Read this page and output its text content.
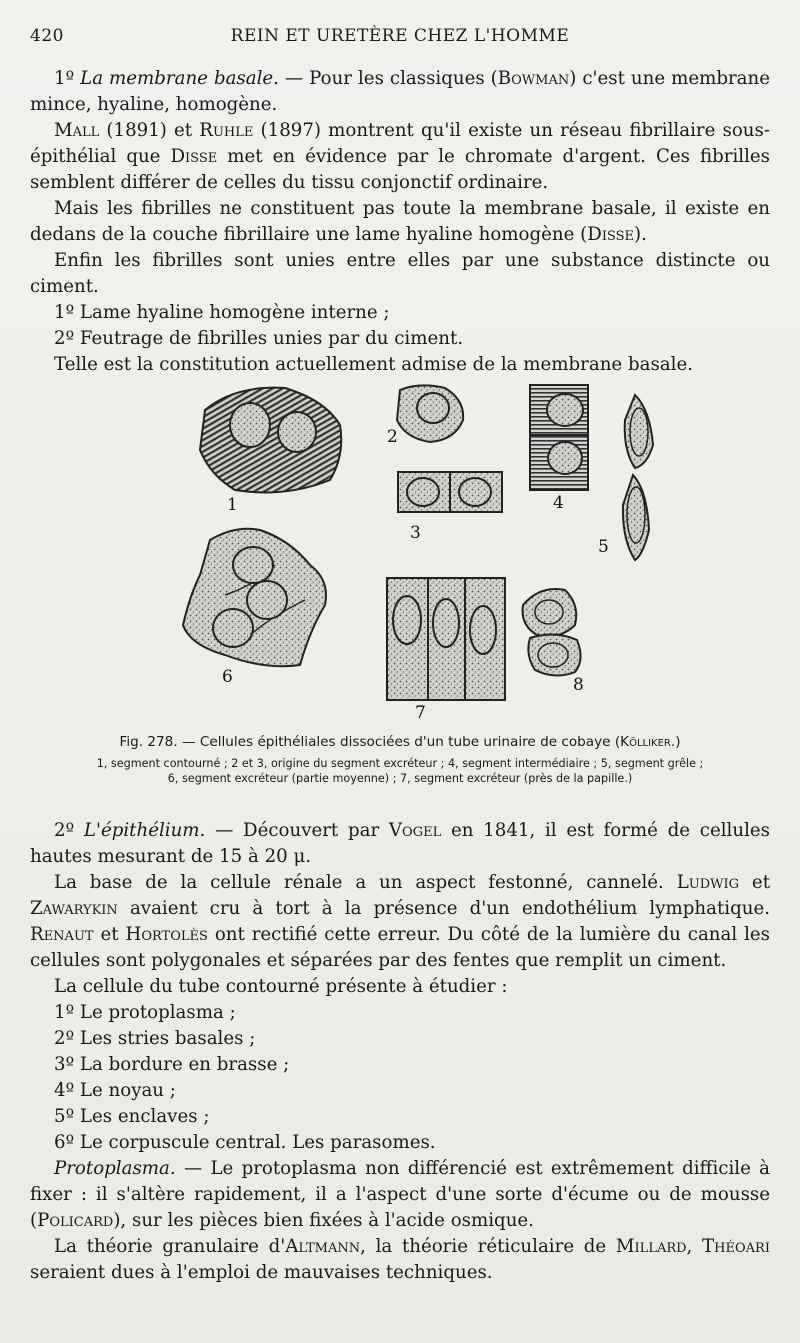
420	REIN ET URETÈRE CHEZ L'HOMME

1º La membrane basale. — Pour les classiques (Bowman) c'est une membrane mince, hyaline, homogène.

Mall (1891) et Ruhle (1897) montrent qu'il existe un réseau fibrillaire sous-épithélial que Disse met en évidence par le chromate d'argent. Ces fibrilles semblent différer de celles du tissu conjonctif ordinaire.

Mais les fibrilles ne constituent pas toute la membrane basale, il existe en dedans de la couche fibrillaire une lame hyaline homogène (Disse).

Enfin les fibrilles sont unies entre elles par une substance distincte ou ciment.

1º Lame hyaline homogène interne ;

2º Feutrage de fibrilles unies par du ciment.

Telle est la constitution actuellement admise de la membrane basale.

1
2
3
4
5
6
7
8

Fig. 278. — Cellules épithéliales dissociées d'un tube urinaire de cobaye (Kölliker.)

1, segment contourné ; 2 et 3, origine du segment excréteur ; 4, segment intermédiaire ; 5, segment grêle ;

6, segment excréteur (partie moyenne) ; 7, segment excréteur (près de la papille.)

2º L'épithélium. — Découvert par Vogel en 1841, il est formé de cellules hautes mesurant de 15 à 20 μ.

La base de la cellule rénale a un aspect festonné, cannelé. Ludwig et Zawarykin avaient cru à tort à la présence d'un endothélium lymphatique. Renaut et Hortolès ont rectifié cette erreur. Du côté de la lumière du canal les cellules sont polygonales et séparées par des fentes que remplit un ciment.

La cellule du tube contourné présente à étudier :

1º Le protoplasma ;

2º Les stries basales ;

3º La bordure en brasse ;

4º Le noyau ;

5º Les enclaves ;

6º Le corpuscule central. Les parasomes.

Protoplasma. — Le protoplasma non différencié est extrêmement difficile à fixer : il s'altère rapidement, il a l'aspect d'une sorte d'écume ou de mousse (Policard), sur les pièces bien fixées à l'acide osmique.

La théorie granulaire d'Altmann, la théorie réticulaire de Millard, Théoari seraient dues à l'emploi de mauvaises techniques.
